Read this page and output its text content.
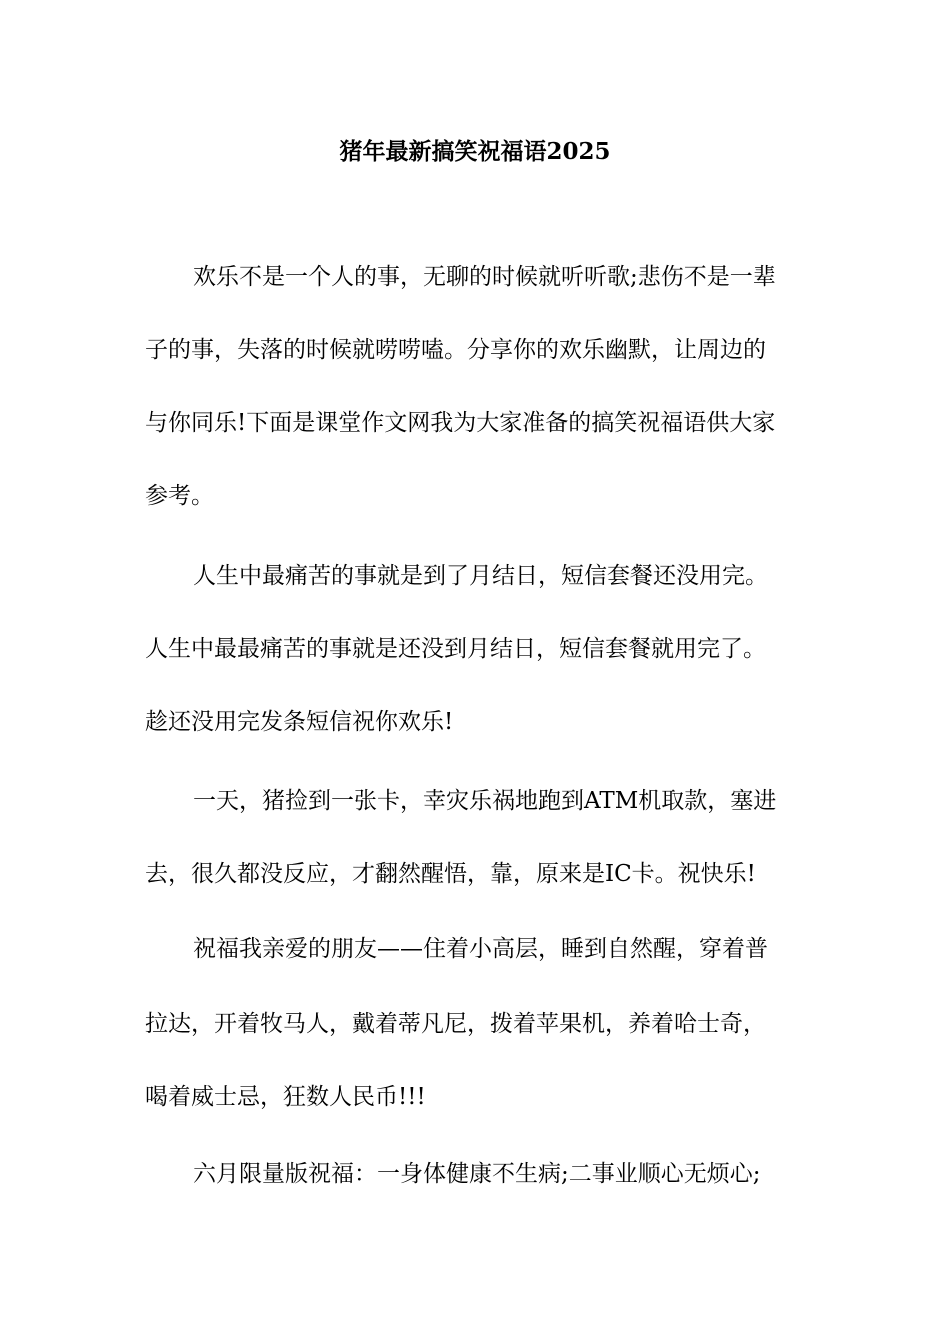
猪年最新搞笑祝福语2025
欢乐不是一个人的事，无聊的时候就听听歌;悲伤不是一辈
子的事，失落的时候就唠唠嗑。分享你的欢乐幽默，让周边的
与你同乐!下面是课堂作文网我为大家准备的搞笑祝福语供大家
参考。
人生中最痛苦的事就是到了月结日，短信套餐还没用完。
人生中最最痛苦的事就是还没到月结日，短信套餐就用完了。
趁还没用完发条短信祝你欢乐!
一天，猪捡到一张卡，幸灾乐祸地跑到ATM机取款，塞进
去，很久都没反应，才翻然醒悟，靠，原来是IC卡。祝快乐!
祝福我亲爱的朋友——住着小高层，睡到自然醒，穿着普
拉达，开着牧马人，戴着蒂凡尼，拨着苹果机，养着哈士奇，
喝着威士忌，狂数人民币!!!
六月限量版祝福：一身体健康不生病;二事业顺心无烦心;
